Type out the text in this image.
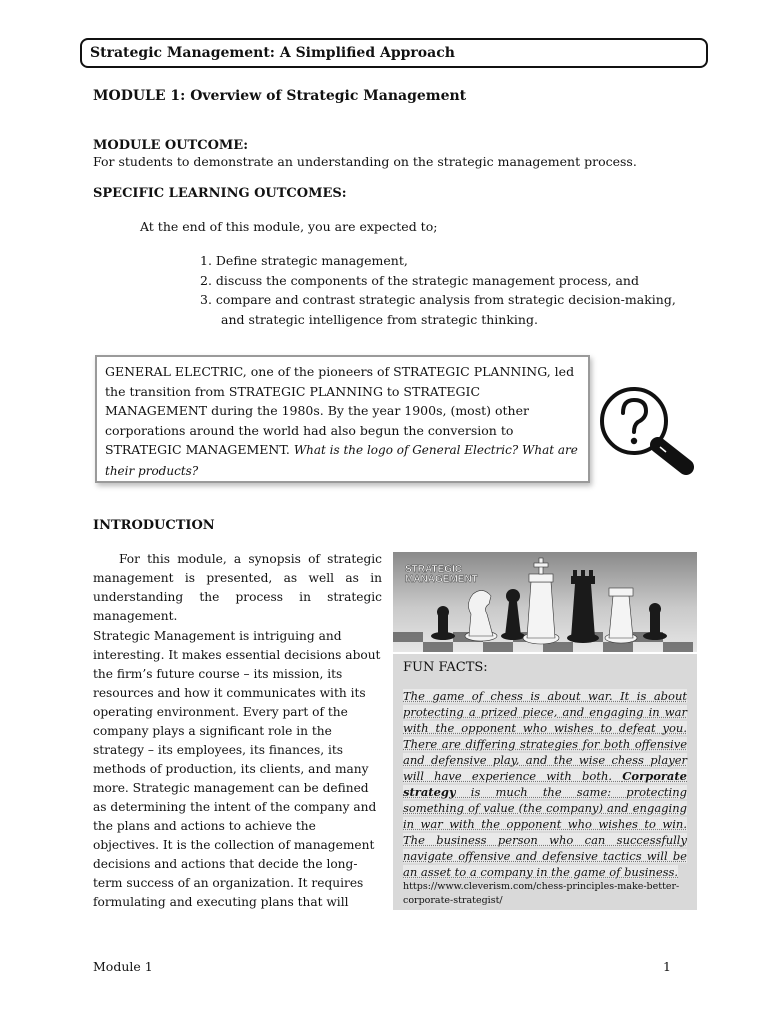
Strategic Management: A Simplified Approach
MODULE 1: Overview of Strategic Management
MODULE OUTCOME:
For students to demonstrate an understanding on the strategic management process.
SPECIFIC LEARNING OUTCOMES:
At the end of this module, you are expected to;
1. Define strategic management,
2. discuss the components of the strategic management process, and
3. compare and contrast strategic analysis from strategic decision-making,
and strategic intelligence from strategic thinking.
GENERAL ELECTRIC, one of the pioneers of STRATEGIC PLANNING, led the transition from STRATEGIC PLANNING to STRATEGIC MANAGEMENT during the 1980s. By the year 1900s, (most) other corporations around the world had also begun the conversion to STRATEGIC MANAGEMENT. What is the logo of General Electric? What are their products?
INTRODUCTION
For this module, a synopsis of strategic management is presented, as well as in understanding the process in strategic management.
Strategic Management is intriguing and interesting. It makes essential decisions about the firm’s future course – its mission, its resources and how it communicates with its operating environment. Every part of the company plays a significant role in the strategy – its employees, its finances, its methods of production, its clients, and many more. Strategic management can be defined as determining the intent of the company and the plans and actions to achieve the objectives. It is the collection of management decisions and actions that decide the long-term success of an organization. It requires formulating and executing plans that will
STRATEGIC
MANAGEMENT
FUN FACTS:
The game of chess is about war. It is about protecting a prized piece, and engaging in war with the opponent who wishes to defeat you. There are differing strategies for both offensive and defensive play, and the wise chess player will have experience with both. Corporate strategy is much the same: protecting something of value (the company) and engaging in war with the opponent who wishes to win. The business person who can successfully navigate offensive and defensive tactics will be an asset to a company in the game of business.
https://www.cleverism.com/chess-principles-make-better-corporate-strategist/
Module 1	1
